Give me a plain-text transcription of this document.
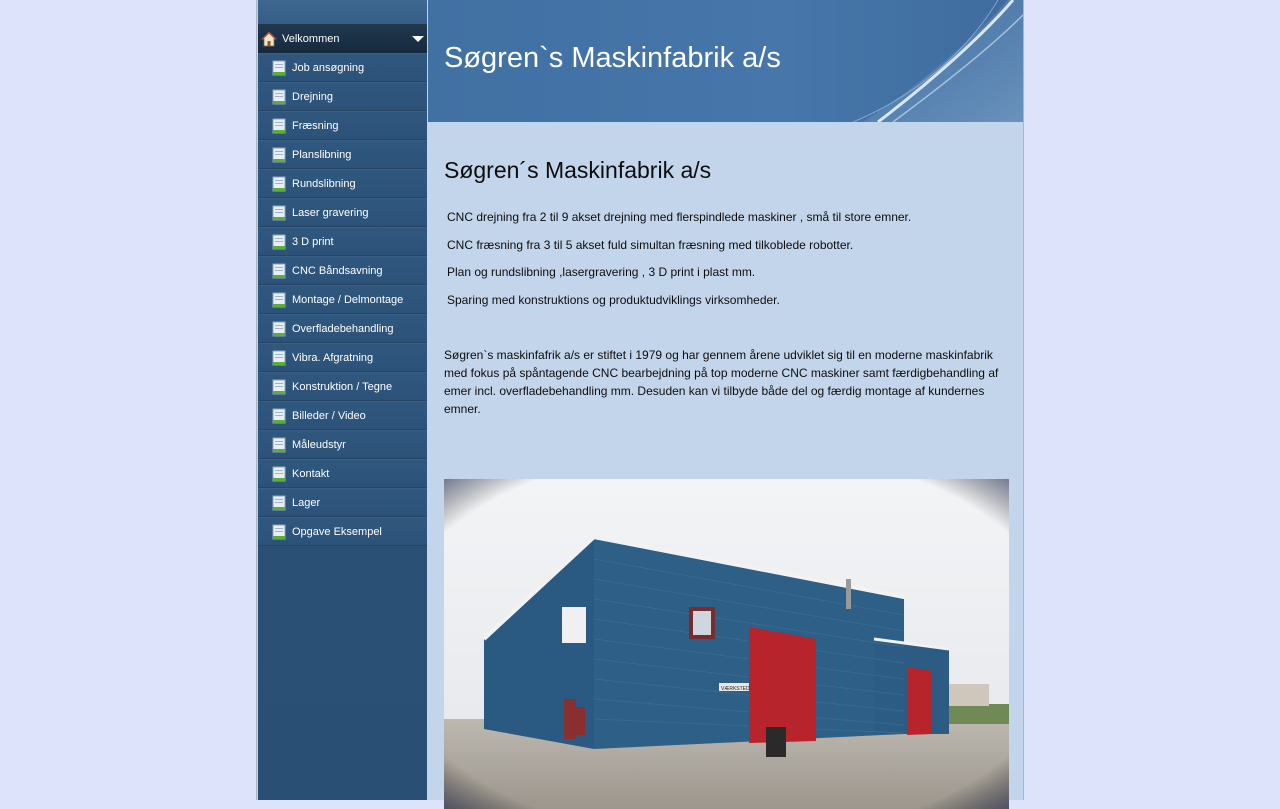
Velkommen
Job ansøgning
Drejning
Fræsning
Planslibning
Rundslibning
Laser gravering
3 D print
CNC Båndsavning
Montage / Delmontage
Overfladebehandling
Vibra. Afgratning
Konstruktion / Tegne
Billeder / Video
Måleudstyr
Kontakt
Lager
Opgave Eksempel
Søgren`s Maskinfabrik a/s
Søgren´s Maskinfabrik a/s
CNC drejning fra 2 til 9 akset drejning med flerspindlede maskiner , små til store emner.
CNC fræsning fra 3 til 5 akset fuld simultan fræsning med tilkoblede robotter.
Plan og rundslibning ,lasergravering , 3 D print i plast mm.
Sparing med konstruktions og produktudviklings virksomheder.

Søgren`s maskinfafrik a/s er stiftet i 1979 og har gennem årene udviklet sig til en moderne maskinfabrik med fokus på spåntagende CNC bearbejdning på top moderne CNC maskiner samt færdigbehandling af emer incl. overfladebehandling mm. Desuden kan vi tilbyde både del og færdig montage af kundernes emner.
